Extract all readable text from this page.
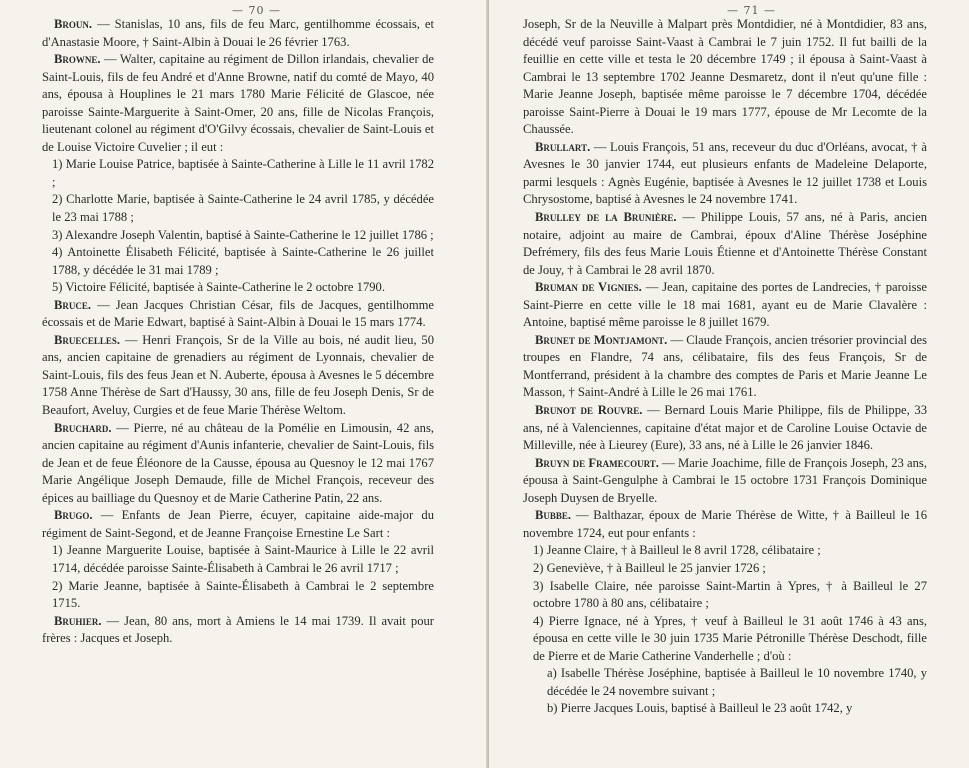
— 70 —

Broun. — Stanislas, 10 ans, fils de feu Marc, gentilhomme écossais, et d'Anastasie Moore, † Saint-Albin à Douai le 26 février 1763.

Browne. — Walter, capitaine au régiment de Dillon irlandais, chevalier de Saint-Louis, fils de feu André et d'Anne Browne, natif du comté de Mayo, 40 ans, épousa à Houplines le 21 mars 1780 Marie Félicité de Glascoe, née paroisse Sainte-Marguerite à Saint-Omer, 20 ans, fille de Nicolas François, lieutenant colonel au régiment d'O'Gilvy écossais, chevalier de Saint-Louis et de Louise Victoire Cuvelier ; il eut :

1) Marie Louise Patrice, baptisée à Sainte-Catherine à Lille le 11 avril 1782 ;

2) Charlotte Marie, baptisée à Sainte-Catherine le 24 avril 1785, y décédée le 23 mai 1788 ;

3) Alexandre Joseph Valentin, baptisé à Sainte-Catherine le 12 juillet 1786 ;

4) Antoinette Élisabeth Félicité, baptisée à Sainte-Catherine le 26 juillet 1788, y décédée le 31 mai 1789 ;

5) Victoire Félicité, baptisée à Sainte-Catherine le 2 octobre 1790.

Bruce. — Jean Jacques Christian César, fils de Jacques, gentilhomme écossais et de Marie Edwart, baptisé à Saint-Albin à Douai le 15 mars 1774.

Bruecelles. — Henri François, Sr de la Ville au bois, né audit lieu, 50 ans, ancien capitaine de grenadiers au régiment de Lyonnais, chevalier de Saint-Louis, fils des feus Jean et N. Auberte, épousa à Avesnes le 5 décembre 1758 Anne Thérèse de Sart d'Haussy, 30 ans, fille de feu Joseph Denis, Sr de Beaufort, Aveluy, Curgies et de feue Marie Thérèse Weltom.

Bruchard. — Pierre, né au château de la Pomélie en Limousin, 42 ans, ancien capitaine au régiment d'Aunis infanterie, chevalier de Saint-Louis, fils de Jean et de feue Éléonore de la Causse, épousa au Quesnoy le 12 mai 1767 Marie Angélique Joseph Demaude, fille de Michel François, receveur des épices au bailliage du Quesnoy et de Marie Catherine Patin, 22 ans.

Brugo. — Enfants de Jean Pierre, écuyer, capitaine aide-major du régiment de Saint-Segond, et de Jeanne Françoise Ernestine Le Sart :

1) Jeanne Marguerite Louise, baptisée à Saint-Maurice à Lille le 22 avril 1714, décédée paroisse Sainte-Élisabeth à Cambrai le 26 avril 1717 ;

2) Marie Jeanne, baptisée à Sainte-Élisabeth à Cambrai le 2 septembre 1715.

Bruhier. — Jean, 80 ans, mort à Amiens le 14 mai 1739. Il avait pour frères : Jacques et Joseph.

— 71 —

Joseph, Sr de la Neuville à Malpart près Montdidier, né à Montdidier, 83 ans, décédé veuf paroisse Saint-Vaast à Cambrai le 7 juin 1752. Il fut bailli de la feuillie en cette ville et testa le 20 décembre 1749 ; il épousa à Saint-Vaast à Cambrai le 13 septembre 1702 Jeanne Desmaretz, dont il n'eut qu'une fille : Marie Jeanne Joseph, baptisée même paroisse le 7 décembre 1704, décédée paroisse Saint-Pierre à Douai le 19 mars 1777, épouse de Mr Lecomte de la Chaussée.

Brullart. — Louis François, 51 ans, receveur du duc d'Orléans, avocat, † à Avesnes le 30 janvier 1744, eut plusieurs enfants de Madeleine Delaporte, parmi lesquels : Agnès Eugénie, baptisée à Avesnes le 12 juillet 1738 et Louis Chrysostome, baptisé à Avesnes le 24 novembre 1741.

Brulley de la Brunière. — Philippe Louis, 57 ans, né à Paris, ancien notaire, adjoint au maire de Cambrai, époux d'Aline Thérèse Joséphine Defrémery, fils des feus Marie Louis Étienne et d'Antoinette Thérèse Constant de Jouy, † à Cambrai le 28 avril 1870.

Bruman de Vignies. — Jean, capitaine des portes de Landrecies, † paroisse Saint-Pierre en cette ville le 18 mai 1681, ayant eu de Marie Clavalère : Antoine, baptisé même paroisse le 8 juillet 1679.

Brunet de Montjamont. — Claude François, ancien trésorier provincial des troupes en Flandre, 74 ans, célibataire, fils des feus François, Sr de Montferrand, président à la chambre des comptes de Paris et Marie Jeanne Le Masson, † Saint-André à Lille le 26 mai 1761.

Brunot de Rouvre. — Bernard Louis Marie Philippe, fils de Philippe, 33 ans, né à Valenciennes, capitaine d'état major et de Caroline Louise Octavie de Milleville, née à Lieurey (Eure), 33 ans, né à Lille le 26 janvier 1846.

Bruyn de Framecourt. — Marie Joachime, fille de François Joseph, 23 ans, épousa à Saint-Gengulphe à Cambrai le 15 octobre 1731 François Dominique Joseph Duysen de Bryelle.

Bubbe. — Balthazar, époux de Marie Thérèse de Witte, † à Bailleul le 16 novembre 1724, eut pour enfants :

1) Jeanne Claire, † à Bailleul le 8 avril 1728, célibataire ;

2) Geneviève, † à Bailleul le 25 janvier 1726 ;

3) Isabelle Claire, née paroisse Saint-Martin à Ypres, † à Bailleul le 27 octobre 1780 à 80 ans, célibataire ;

4) Pierre Ignace, né à Ypres, † veuf à Bailleul le 31 août 1746 à 43 ans, épousa en cette ville le 30 juin 1735 Marie Pétronille Thérèse Deschodt, fille de Pierre et de Marie Catherine Vanderhelle ; d'où :

a) Isabelle Thérèse Joséphine, baptisée à Bailleul le 10 novembre 1740, y décédée le 24 novembre suivant ;

b) Pierre Jacques Louis, baptisé à Bailleul le 23 août 1742, y
